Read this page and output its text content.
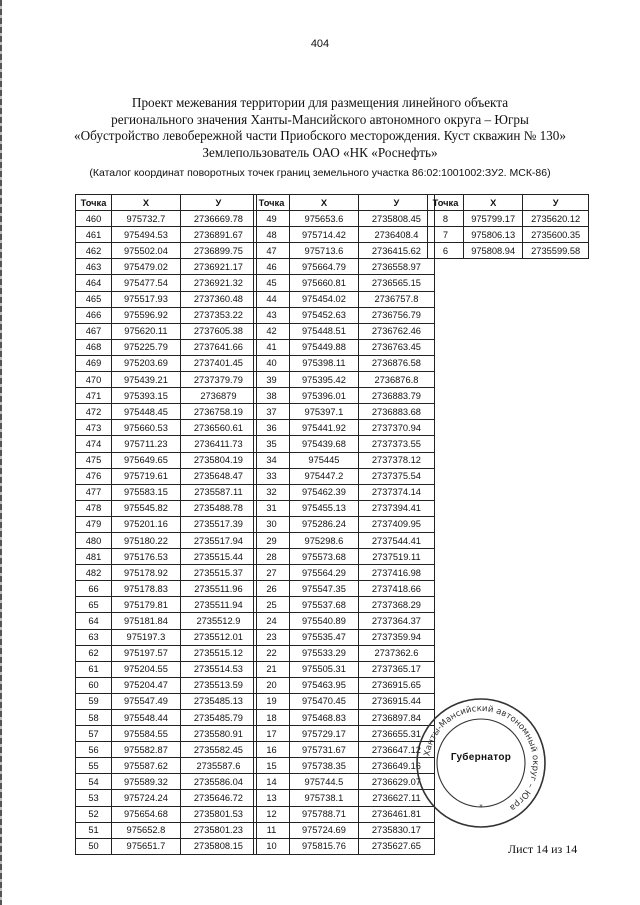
404
Проект межевания территории для размещения линейного объекта
регионального значения Ханты-Мансийского автономного округа – Югры
«Обустройство левобережной части Приобского месторождения. Куст скважин № 130»
Землепользователь ОАО «НК «Роснефть»
(Каталог координат поворотных точек границ земельного участка 86:02:1001002:ЗУ2. МСК-86)
Точка	Х	У
460	975732.7	2736669.78
461	975494.53	2736891.67
462	975502.04	2736899.75
463	975479.02	2736921.17
464	975477.54	2736921.32
465	975517.93	2737360.48
466	975596.92	2737353.22
467	975620.11	2737605.38
468	975225.79	2737641.66
469	975203.69	2737401.45
470	975439.21	2737379.79
471	975393.15	2736879
472	975448.45	2736758.19
473	975660.53	2736560.61
474	975711.23	2736411.73
475	975649.65	2735804.19
476	975719.61	2735648.47
477	975583.15	2735587.11
478	975545.82	2735488.78
479	975201.16	2735517.39
480	975180.22	2735517.94
481	975176.53	2735515.44
482	975178.92	2735515.37
66	975178.83	2735511.96
65	975179.81	2735511.94
64	975181.84	2735512.9
63	975197.3	2735512.01
62	975197.57	2735515.12
61	975204.55	2735514.53
60	975204.47	2735513.59
59	975547.49	2735485.13
58	975548.44	2735485.79
57	975584.55	2735580.91
56	975582.87	2735582.45
55	975587.62	2735587.6
54	975589.32	2735586.04
53	975724.24	2735646.72
52	975654.68	2735801.53
51	975652.8	2735801.23
50	975651.7	2735808.15
Точка	Х	У
49	975653.6	2735808.45
48	975714.42	2736408.4
47	975713.6	2736415.62
46	975664.79	2736558.97
45	975660.81	2736565.15
44	975454.02	2736757.8
43	975452.63	2736756.79
42	975448.51	2736762.46
41	975449.88	2736763.45
40	975398.11	2736876.58
39	975395.42	2736876.8
38	975396.01	2736883.79
37	975397.1	2736883.68
36	975441.92	2737370.94
35	975439.68	2737373.55
34	975445	2737378.12
33	975447.2	2737375.54
32	975462.39	2737374.14
31	975455.13	2737394.41
30	975286.24	2737409.95
29	975298.6	2737544.41
28	975573.68	2737519.11
27	975564.29	2737416.98
26	975547.35	2737418.66
25	975537.68	2737368.29
24	975540.89	2737364.37
23	975535.47	2737359.94
22	975533.29	2737362.6
21	975505.31	2737365.17
20	975463.95	2736915.65
19	975470.45	2736915.44
18	975468.83	2736897.84
17	975729.17	2736655.31
16	975731.67	2736647.12
15	975738.35	2736649.16
14	975744.5	2736629.07
13	975738.1	2736627.11
12	975788.71	2736461.81
11	975724.69	2735830.17
10	975815.76	2735627.65
Точка	Х	У
8	975799.17	2735620.12
7	975806.13	2735600.35
6	975808.94	2735599.58
Ханты-Мансийский автономный округ – Югра
*
Губернатор
Лист 14 из 14
